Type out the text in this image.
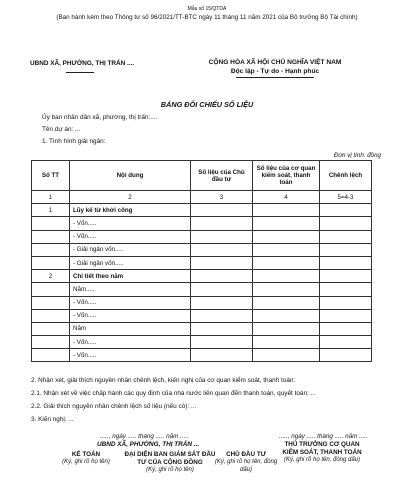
Mẫu số 15/QTDA
(Ban hành kèm theo Thông tư số 96/2021/TT-BTC ngày 11 tháng 11 năm 2021 của Bộ trưởng Bộ Tài chính)
UBND XÃ, PHƯỜNG, THỊ TRẤN ....	CỘNG HÒA XÃ HỘI CHỦ NGHĨA VIỆT NAM
Độc lập - Tự do - Hạnh phúc
BẢNG ĐỐI CHIẾU SỐ LIỆU
Ủy ban nhân dân xã, phường, thị trấn:....
Tên dự án: ...
1. Tình hình giải ngân:
Đơn vị tính: đồng
Số TT	Nội dung	Số liệu của Chủ đầu tư	Số liệu của cơ quan kiểm soát, thanh toán	Chênh lệch
1	2	3	4	5=4-3
1	Lũy kế từ khởi công			
	- Vốn.....			
	- Vốn.....			
	- Giải ngân vốn.....			
	- Giải ngân vốn.....			
2	Chi tiết theo năm			
	Năm.....			
	- Vốn.....			
	- Vốn.....			
	Năm			
	- Vốn.....			
	- Vốn.....			
2. Nhận xét, giải thích nguyên nhân chênh lệch, kiến nghị của cơ quan kiểm soát, thanh toán:
2.1. Nhận xét về việc chấp hành các quy định của nhà nước liên quan đến thanh toán, quyết toán: ...
2.2. Giải thích nguyên nhân chênh lệch số liệu (nếu có): ...
3. Kiến nghị: ...
....., ngày ..... tháng ..... năm .....	....., ngày ..... tháng ..... năm .....
UBND XÃ, PHƯỜNG, THỊ TRẤN ...
KẾ TOÁN
(Ký, ghi rõ họ tên)
ĐẠI DIỆN BAN GIÁM SÁT ĐẦU TƯ CỦA CỘNG ĐỒNG
(Ký, ghi rõ họ tên)
CHỦ ĐẦU TƯ
(Ký, ghi rõ họ tên, đóng dấu)
THỦ TRƯỞNG CƠ QUAN KIỂM SOÁT, THANH TOÁN
(Ký, ghi rõ họ tên, đóng dấu)
